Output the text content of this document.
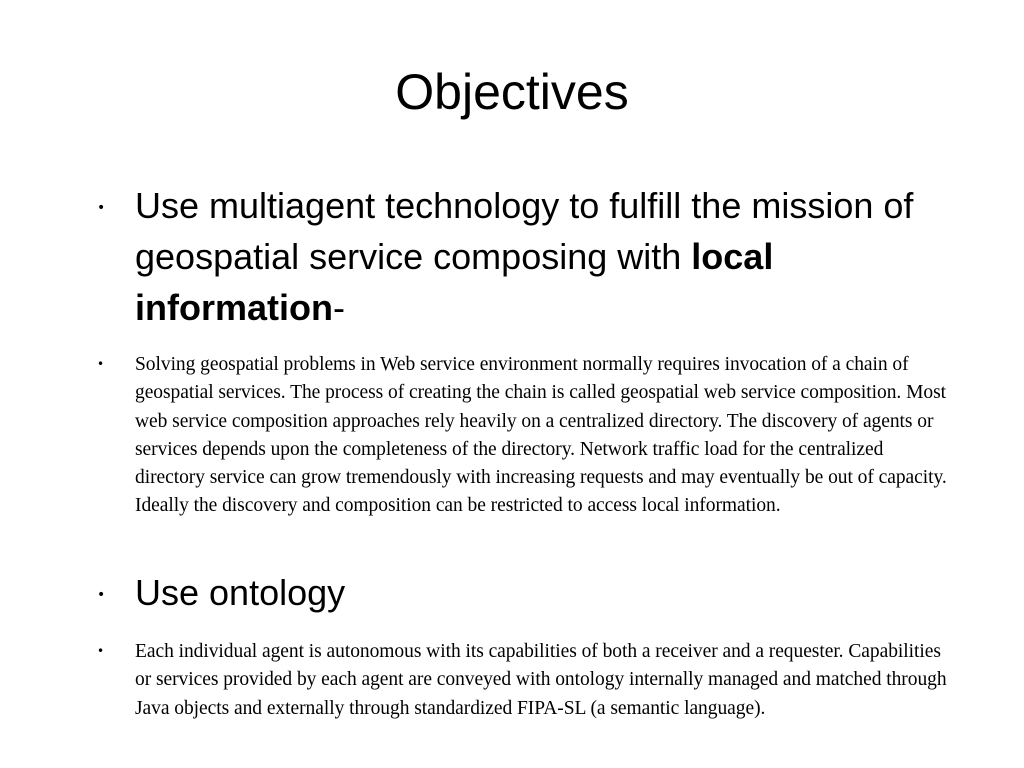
Objectives
• Use multiagent technology to fulfill the mission of geospatial service composing with local information-
• Solving geospatial problems in Web service environment normally requires invocation of a chain of geospatial services. The process of creating the chain is called geospatial web service composition. Most web service composition approaches rely heavily on a centralized directory. The discovery of agents or services depends upon the completeness of the directory. Network traffic load for the centralized directory service can grow tremendously with increasing requests and may eventually be out of capacity. Ideally the discovery and composition can be restricted to access local information.
• Use ontology
• Each individual agent is autonomous with its capabilities of both a receiver and a requester. Capabilities or services provided by each agent are conveyed with ontology internally managed and matched through Java objects and externally through standardized FIPA-SL (a semantic language).
